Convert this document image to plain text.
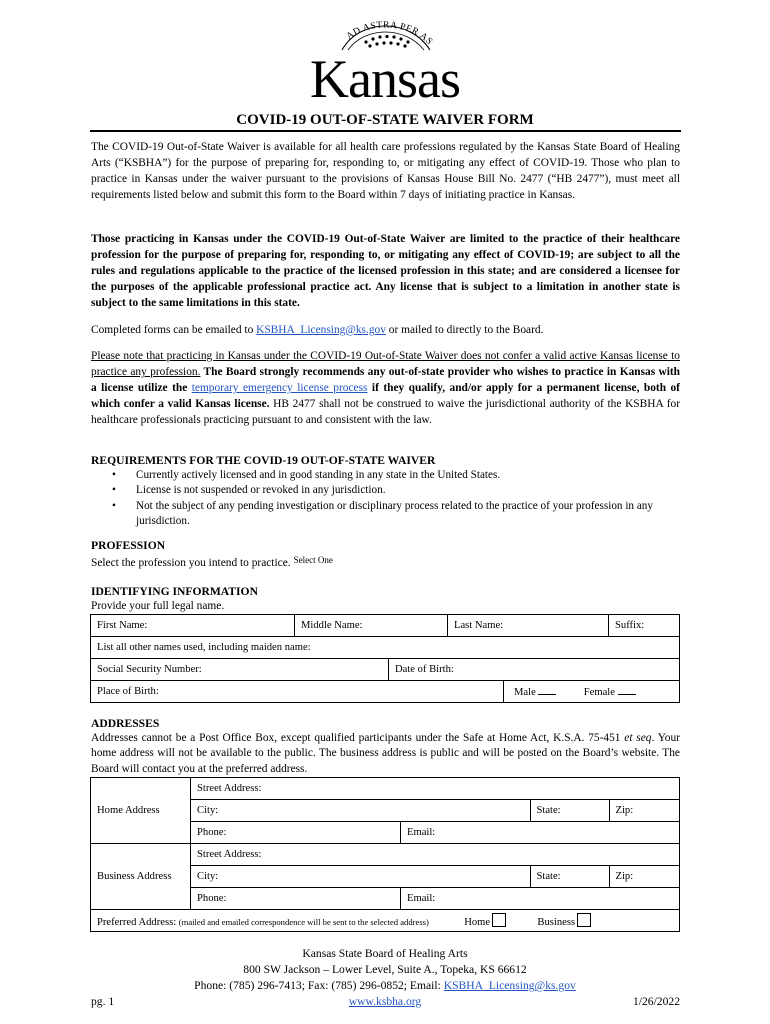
AD ASTRA PER AS
Kansas
COVID-19 OUT-OF-STATE WAIVER FORM

The COVID-19 Out-of-State Waiver is available for all health care professions regulated by the Kansas State Board of Healing Arts (“KSBHA”) for the purpose of preparing for, responding to, or mitigating any effect of COVID-19. Those who plan to practice in Kansas under the waiver pursuant to the provisions of Kansas House Bill No. 2477 (“HB 2477”), must meet all requirements listed below and submit this form to the Board within 7 days of initiating practice in Kansas.

Those practicing in Kansas under the COVID-19 Out-of-State Waiver are limited to the practice of their healthcare profession for the purpose of preparing for, responding to, or mitigating any effect of COVID-19; are subject to all the rules and regulations applicable to the practice of the licensed profession in this state; and are considered a licensee for the purposes of the applicable professional practice act. Any license that is subject to a limitation in another state is subject to the same limitations in this state.

Completed forms can be emailed to KSBHA_Licensing@ks.gov or mailed to directly to the Board.

Please note that practicing in Kansas under the COVID-19 Out-of-State Waiver does not confer a valid active Kansas license to practice any profession. The Board strongly recommends any out-of-state provider who wishes to practice in Kansas with a license utilize the temporary emergency license process if they qualify, and/or apply for a permanent license, both of which confer a valid Kansas license. HB 2477 shall not be construed to waive the jurisdictional authority of the KSBHA for healthcare professionals practicing pursuant to and consistent with the law.

REQUIREMENTS FOR THE COVID-19 OUT-OF-STATE WAIVER
• Currently actively licensed and in good standing in any state in the United States.
• License is not suspended or revoked in any jurisdiction.
• Not the subject of any pending investigation or disciplinary process related to the practice of your profession in any jurisdiction.
PROFESSION
Select the profession you intend to practice. $^{Select One}$
IDENTIFYING INFORMATION
Provide your full legal name.
First Name:	Middle Name:	Last Name:	Suffix:
List all other names used, including maiden name:

Social Security Number:	Date of Birth:

Place of Birth:	Male	Female
ADDRESSES

Addresses cannot be a Post Office Box, except qualified participants under the Safe at Home Act, K.S.A. 75-451 et seq. Your home address will not be available to the public. The business address is public and will be posted on the Board’s website. The Board will contact you at the preferred address.

Home Address	Street Address:
City:		State:	Zip:

Phone:	Email:
Business Address	Street Address:
City:		State:	Zip:

Phone:	Email:
Preferred Address: (mailed and emailed correspondence will be sent to the selected address)	Home	Business
Kansas State Board of Healing Arts
800 SW Jackson – Lower Level, Suite A., Topeka, KS 66612
Phone: (785) 296-7413; Fax: (785) 296-0852; Email: KSBHA_Licensing@ks.gov
www.ksbha.org
pg. 1	1/26/2022
